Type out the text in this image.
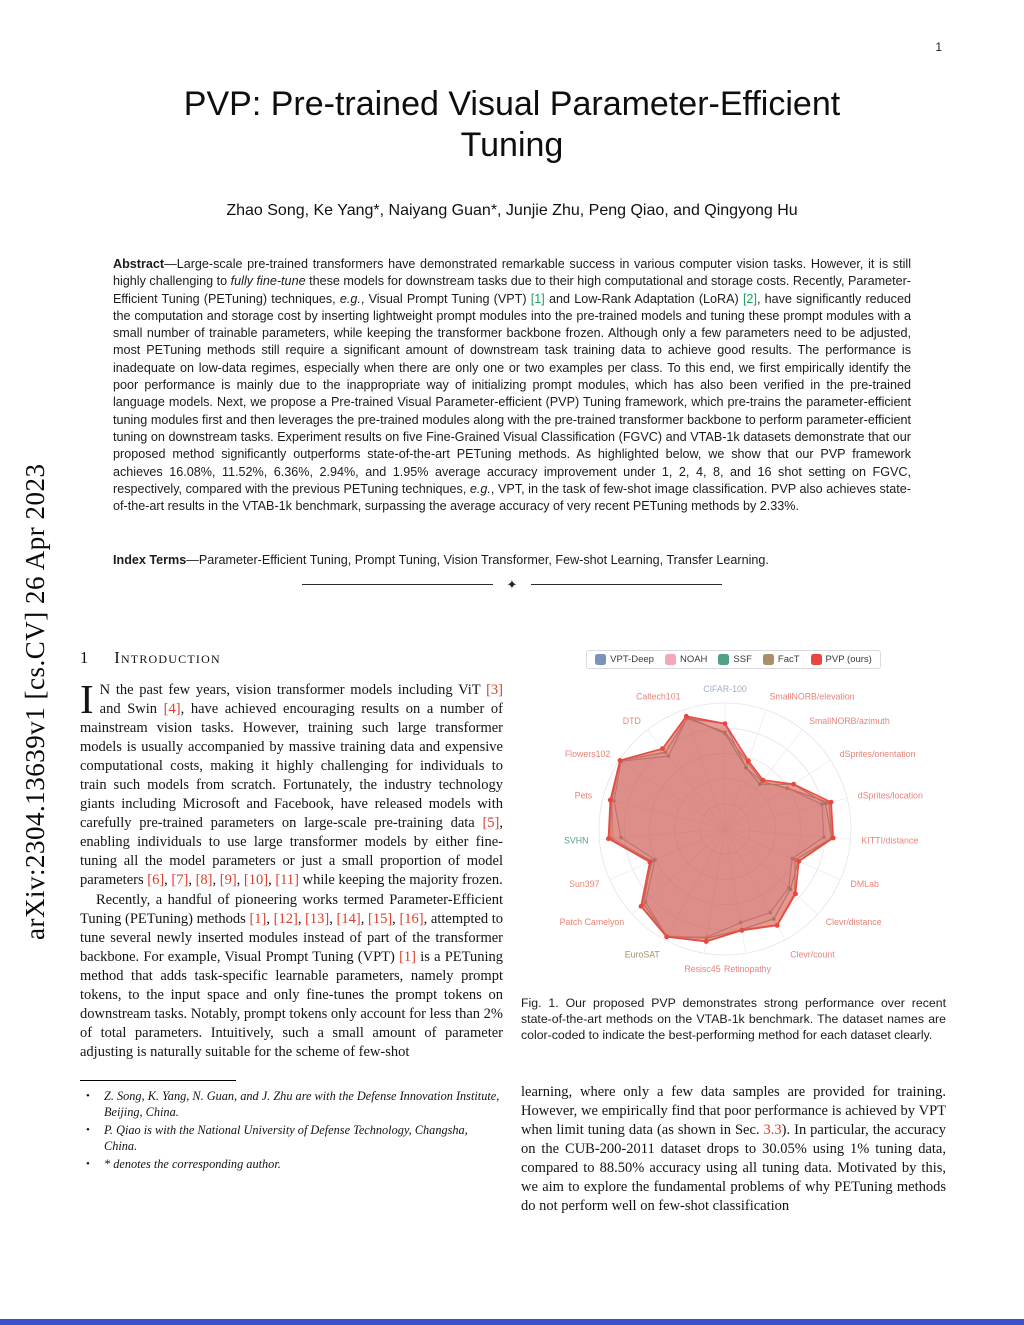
1
arXiv:2304.13639v1 [cs.CV] 26 Apr 2023
PVP: Pre-trained Visual Parameter-Efficient Tuning
Zhao Song, Ke Yang*, Naiyang Guan*, Junjie Zhu, Peng Qiao, and Qingyong Hu
Abstract—Large-scale pre-trained transformers have demonstrated remarkable success in various computer vision tasks. However, it is still highly challenging to fully fine-tune these models for downstream tasks due to their high computational and storage costs. Recently, Parameter-Efficient Tuning (PETuning) techniques, e.g., Visual Prompt Tuning (VPT) [1] and Low-Rank Adaptation (LoRA) [2], have significantly reduced the computation and storage cost by inserting lightweight prompt modules into the pre-trained models and tuning these prompt modules with a small number of trainable parameters, while keeping the transformer backbone frozen. Although only a few parameters need to be adjusted, most PETuning methods still require a significant amount of downstream task training data to achieve good results. The performance is inadequate on low-data regimes, especially when there are only one or two examples per class. To this end, we first empirically identify the poor performance is mainly due to the inappropriate way of initializing prompt modules, which has also been verified in the pre-trained language models. Next, we propose a Pre-trained Visual Parameter-efficient (PVP) Tuning framework, which pre-trains the parameter-efficient tuning modules first and then leverages the pre-trained modules along with the pre-trained transformer backbone to perform parameter-efficient tuning on downstream tasks. Experiment results on five Fine-Grained Visual Classification (FGVC) and VTAB-1k datasets demonstrate that our proposed method significantly outperforms state-of-the-art PETuning methods. As highlighted below, we show that our PVP framework achieves 16.08%, 11.52%, 6.36%, 2.94%, and 1.95% average accuracy improvement under 1, 2, 4, 8, and 16 shot setting on FGVC, respectively, compared with the previous PETuning techniques, e.g., VPT, in the task of few-shot image classification. PVP also achieves state-of-the-art results in the VTAB-1k benchmark, surpassing the average accuracy of very recent PETuning methods by 2.33%.
Index Terms—Parameter-Efficient Tuning, Prompt Tuning, Vision Transformer, Few-shot Learning, Transfer Learning.
✦
1 Introduction

I N the past few years, vision transformer models including ViT [3] and Swin [4], have achieved encouraging results on a number of mainstream vision tasks. However, training such large transformer models is usually accompanied by massive training data and expensive computational costs, making it highly challenging for individuals to train such models from scratch. Fortunately, the industry technology giants including Microsoft and Facebook, have released models with carefully pre-trained parameters on large-scale pre-training data [5], enabling individuals to use large transformer models by either fine-tuning all the model parameters or just a small proportion of model parameters [6], [7], [8], [9], [10], [11] while keeping the majority frozen.

Recently, a handful of pioneering works termed Parameter-Efficient Tuning (PETuning) methods [1], [12], [13], [14], [15], [16], attempted to tune several newly inserted modules instead of part of the transformer backbone. For example, Visual Prompt Tuning (VPT) [1] is a PETuning method that adds task-specific learnable parameters, namely prompt tokens, to the input space and only fine-tunes the prompt tokens on downstream tasks. Notably, prompt tokens only account for less than 2% of total parameters. Intuitively, such a small amount of parameter adjusting is naturally suitable for the scheme of few-shot

• Z. Song, K. Yang, N. Guan, and J. Zhu are with the Defense Innovation Institute, Beijing, China.
• P. Qiao is with the National University of Defense Technology, Changsha, China.
• * denotes the corresponding author.
VPT-Deep	NOAH	SSF	FacT	PVP (ours)
CIFAR-100
SmallNORB/elevation
SmallNORB/azimuth
dSprites/orientation
dSprites/location
KITTI/distance
DMLab
Clevr/distance
Clevr/count
Retinopathy
Resisc45
EuroSAT
Patch Camelyon
Sun397
SVHN
Pets
Flowers102
DTD
Caltech101
Fig. 1. Our proposed PVP demonstrates strong performance over recent state-of-the-art methods on the VTAB-1k benchmark. The dataset names are color-coded to indicate the best-performing method for each dataset clearly.

learning, where only a few data samples are provided for training. However, we empirically find that poor performance is achieved by VPT when limit tuning data (as shown in Sec. 3.3). In particular, the accuracy on the CUB-200-2011 dataset drops to 30.05% using 1% tuning data, compared to 88.50% accuracy using all tuning data. Motivated by this, we aim to explore the fundamental problems of why PETuning methods do not perform well on few-shot classification
